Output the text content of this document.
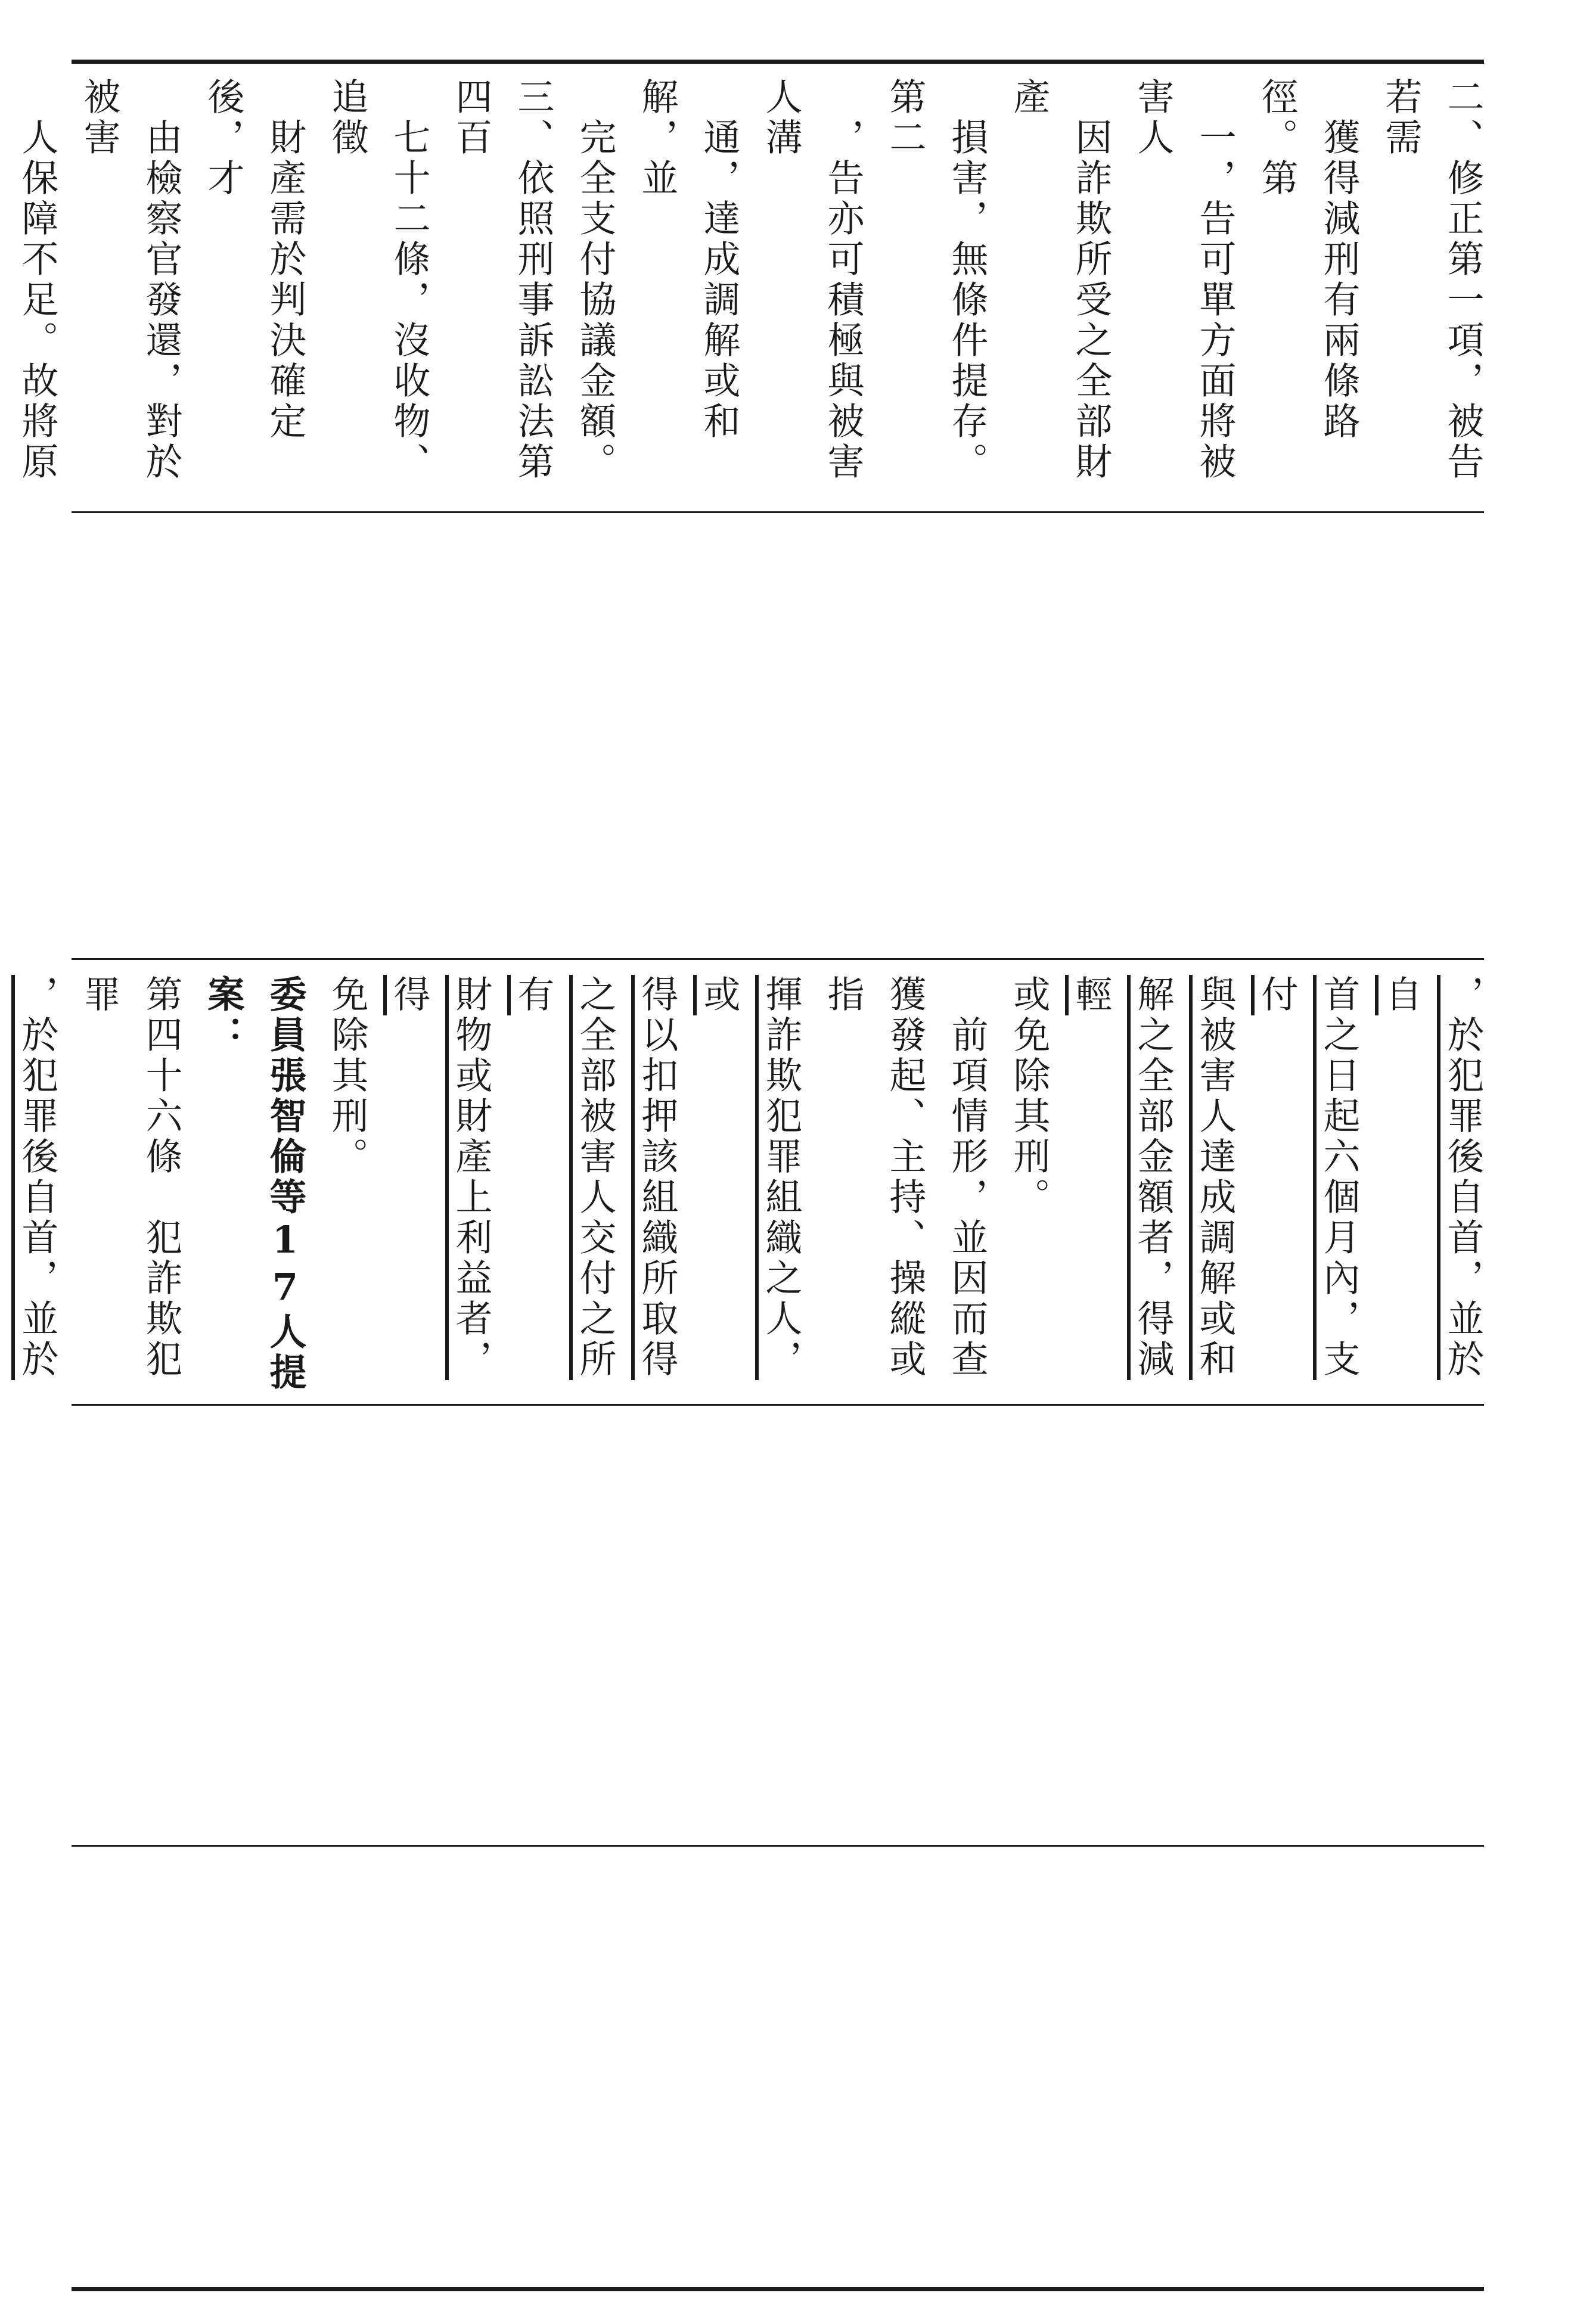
二、修正第一項，被告若需

　獲得減刑有兩條路徑。第

　一，告可單方面將被害人

　因詐欺所受之全部財產

　損害，無條件提存。第二

　，告亦可積極與被害人溝

　通，達成調解或和解，並

　完全支付協議金額。

三、依照刑事訴訟法第四百

　七十二條，沒收物、追徵

　財產需於判決確定後，才

　由檢察官發還，對於被害

　人保障不足。故將原

，於犯罪後自首，並於自

首之日起六個月內，支付

與被害人達成調解或和

解之全部金額者，得減輕

或免除其刑。

　前項情形，並因而查

獲發起、主持、操縱或指

揮詐欺犯罪組織之人，或

得以扣押該組織所取得

之全部被害人交付之所有

財物或財產上利益者，得

免除其刑。

委員張智倫等17人提案：

第四十六條　犯詐欺犯罪

，於犯罪後自首，並於
